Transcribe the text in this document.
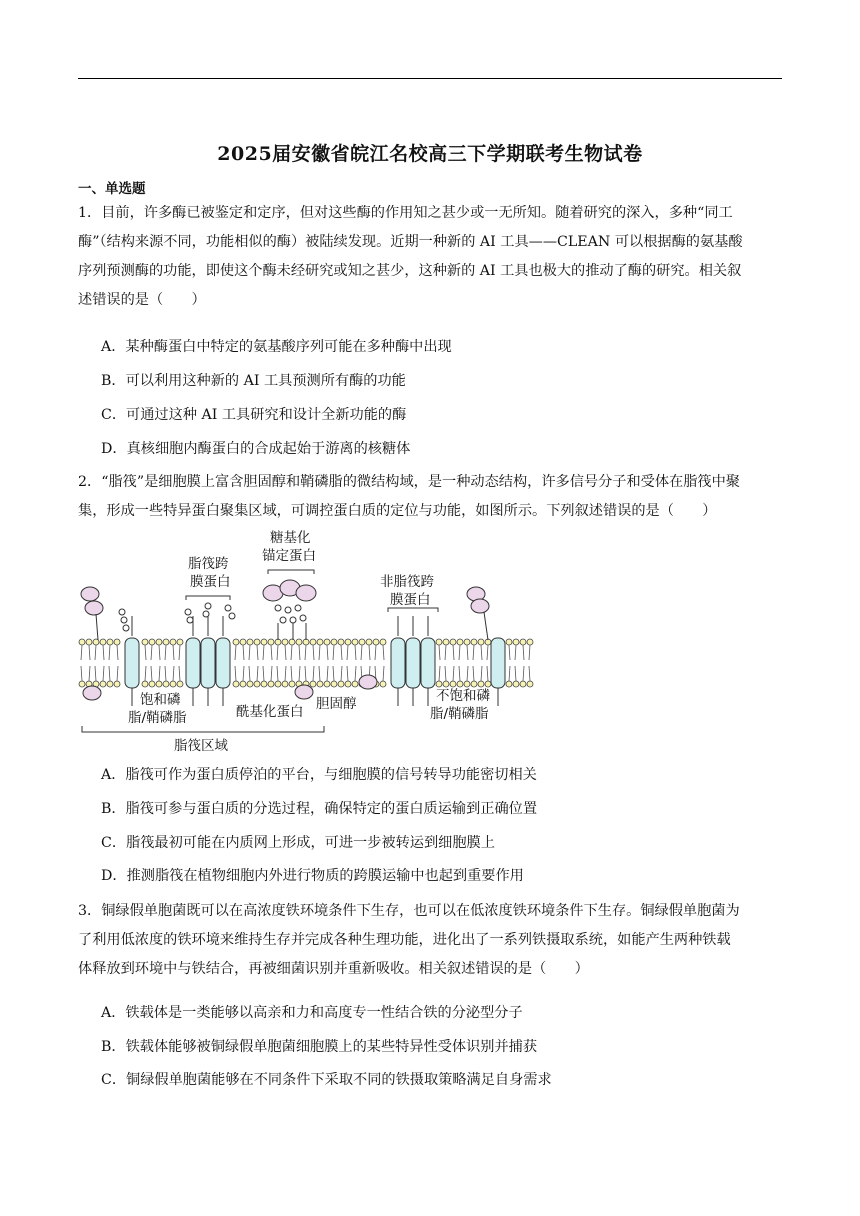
2025届安徽省皖江名校高三下学期联考生物试卷
一、单选题
1．目前，许多酶已被鉴定和定序，但对这些酶的作用知之甚少或一无所知。随着研究的深入，多种“同工
酶”（结构来源不同，功能相似的酶）被陆续发现。近期一种新的 AI 工具——CLEAN 可以根据酶的氨基酸
序列预测酶的功能，即使这个酶未经研究或知之甚少，这种新的 AI 工具也极大的推动了酶的研究。相关叙
述错误的是（　　）
A．某种酶蛋白中特定的氨基酸序列可能在多种酶中出现
B．可以利用这种新的 AI 工具预测所有酶的功能
C．可通过这种 AI 工具研究和设计全新功能的酶
D．真核细胞内酶蛋白的合成起始于游离的核糖体
2．“脂筏”是细胞膜上富含胆固醇和鞘磷脂的微结构域，是一种动态结构，许多信号分子和受体在脂筏中聚
集，形成一些特异蛋白聚集区域，可调控蛋白质的定位与功能，如图所示。下列叙述错误的是（　　）
脂筏跨
膜蛋白
糖基化
锚定蛋白
非脂筏跨
膜蛋白
饱和磷
脂/鞘磷脂	酰基化蛋白 胆固醇	不饱和磷
脂/鞘磷脂
脂筏区域
A．脂筏可作为蛋白质停泊的平台，与细胞膜的信号转导功能密切相关
B．脂筏可参与蛋白质的分选过程，确保特定的蛋白质运输到正确位置
C．脂筏最初可能在内质网上形成，可进一步被转运到细胞膜上
D．推测脂筏在植物细胞内外进行物质的跨膜运输中也起到重要作用
3．铜绿假单胞菌既可以在高浓度铁环境条件下生存，也可以在低浓度铁环境条件下生存。铜绿假单胞菌为
了利用低浓度的铁环境来维持生存并完成各种生理功能，进化出了一系列铁摄取系统，如能产生两种铁载
体释放到环境中与铁结合，再被细菌识别并重新吸收。相关叙述错误的是（　　）
A．铁载体是一类能够以高亲和力和高度专一性结合铁的分泌型分子
B．铁载体能够被铜绿假单胞菌细胞膜上的某些特异性受体识别并捕获
C．铜绿假单胞菌能够在不同条件下采取不同的铁摄取策略满足自身需求
